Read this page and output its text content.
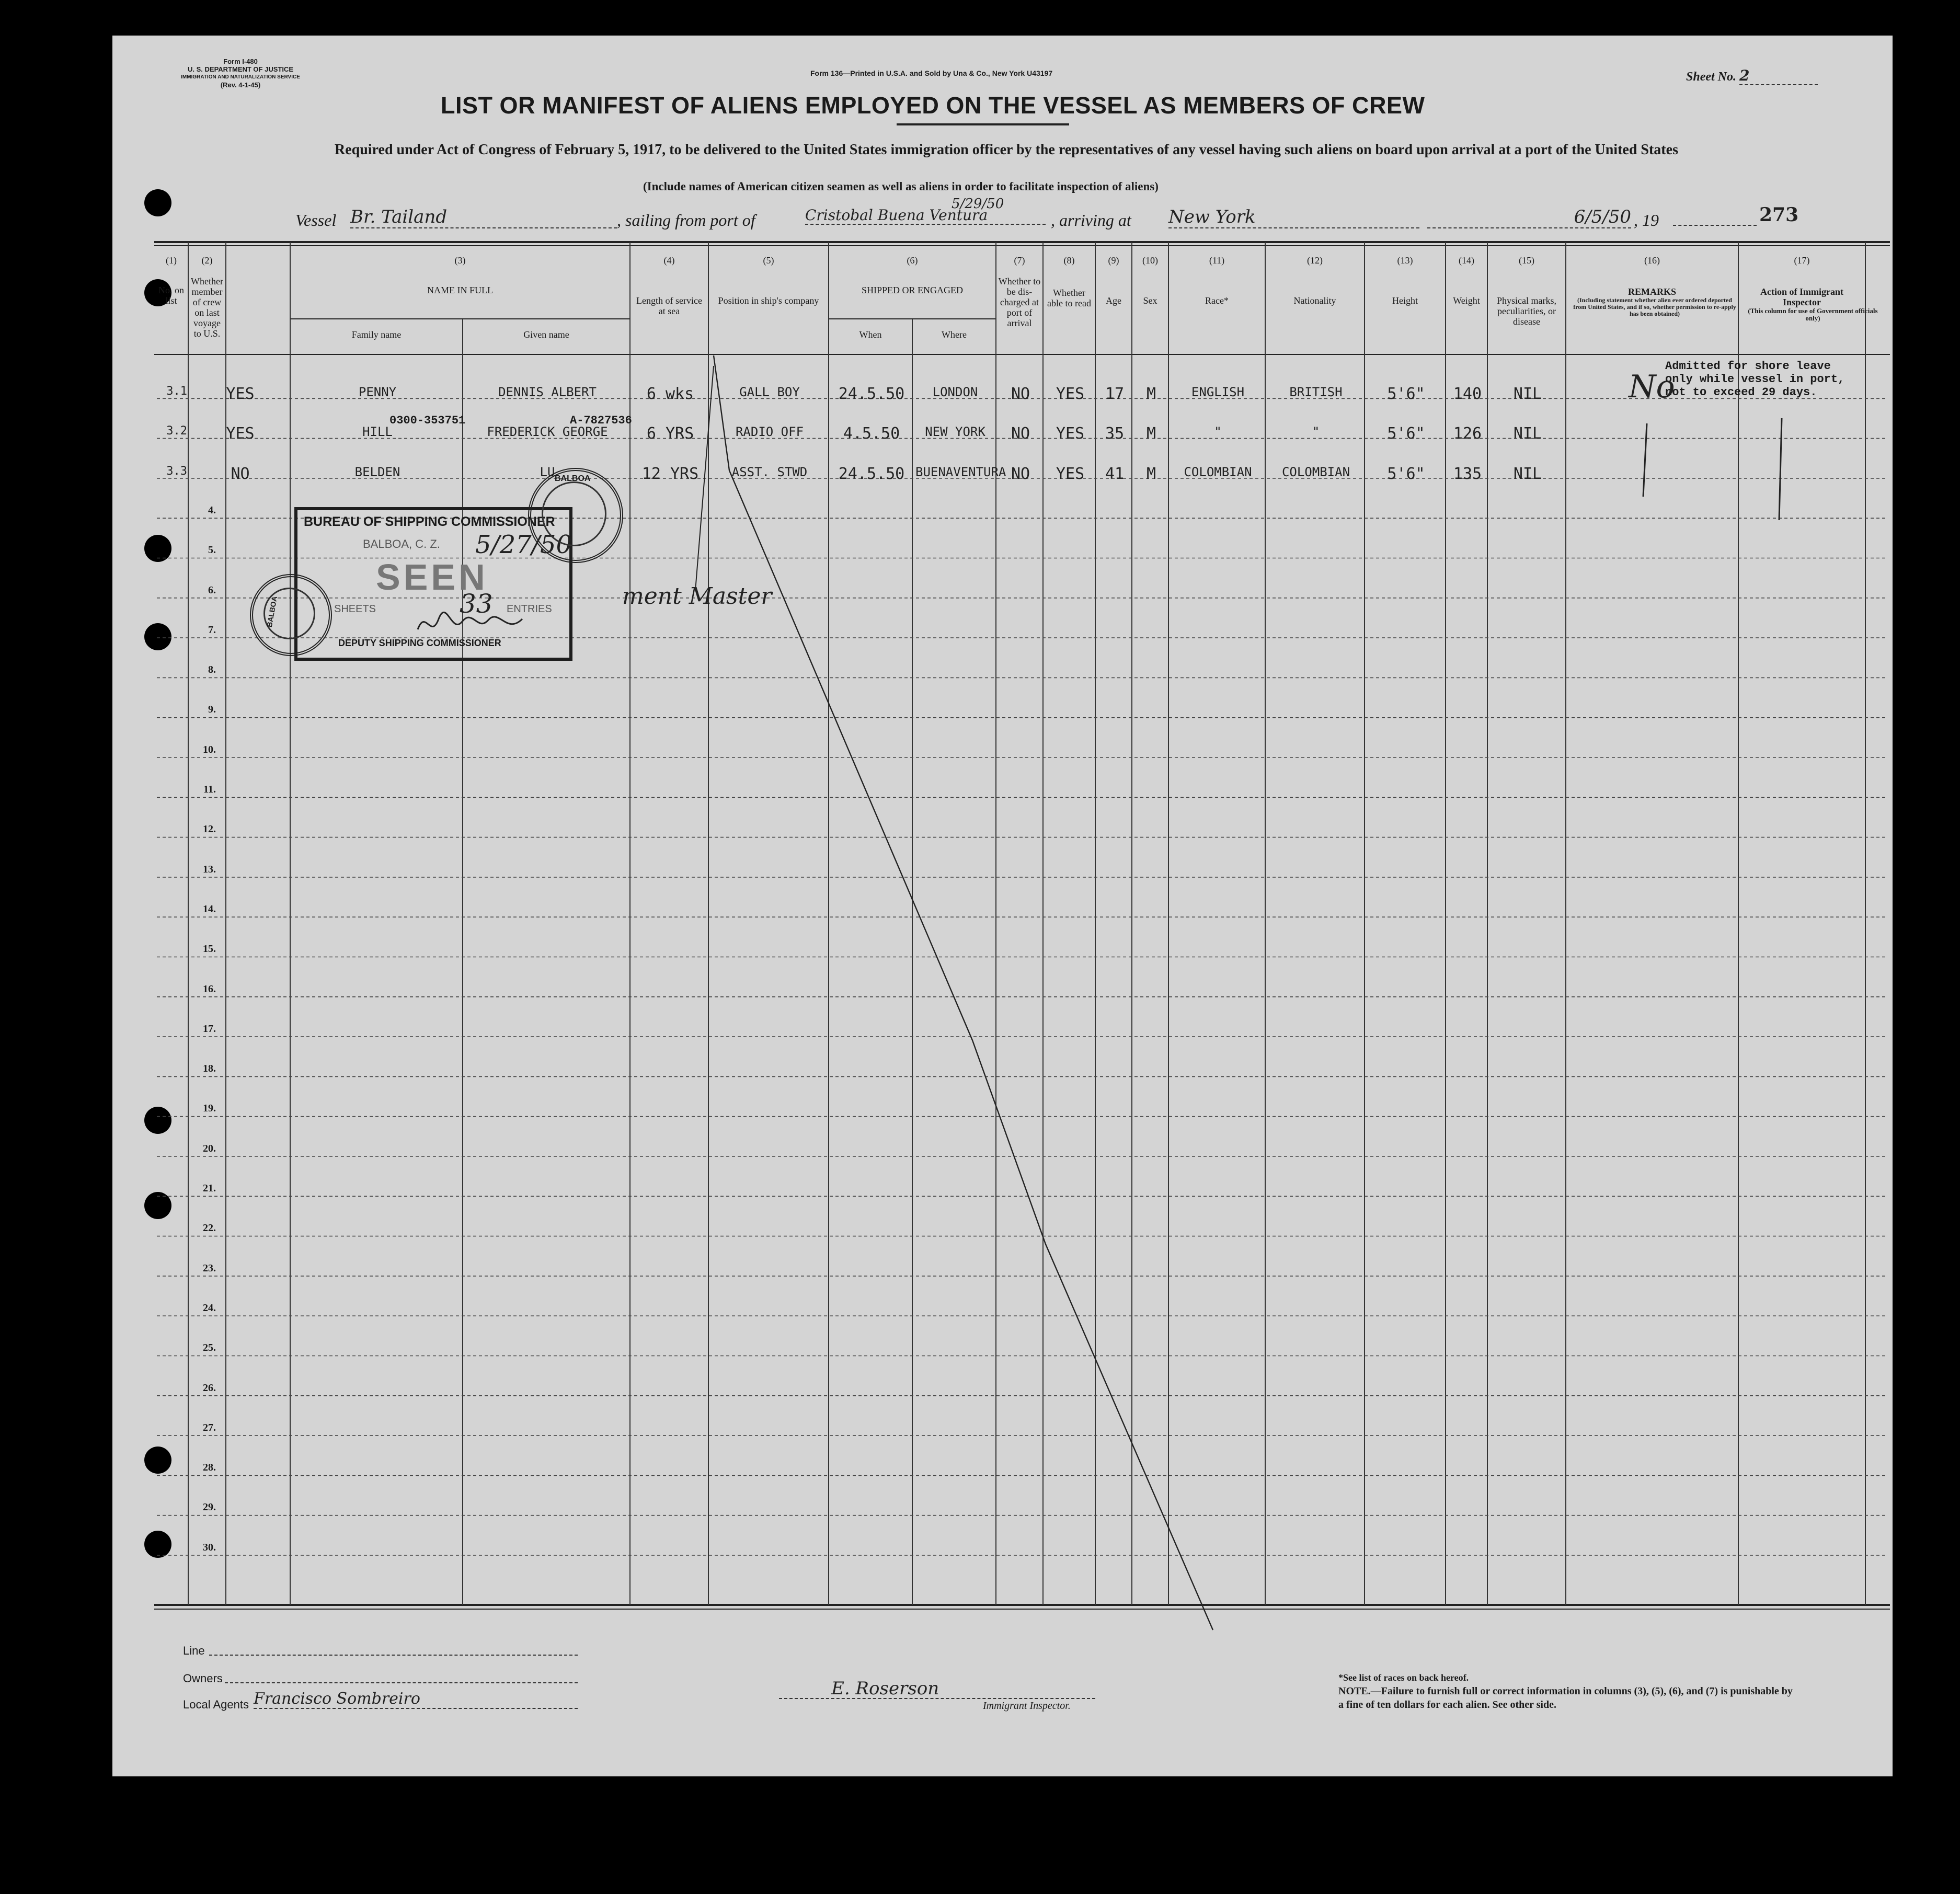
Form I-480
U. S. DEPARTMENT OF JUSTICE
IMMIGRATION AND NATURALIZATION SERVICE
(Rev. 4-1-45)
Form 136—Printed in U.S.A. and Sold by Una & Co., New York U43197	Sheet No. 2
LIST OR MANIFEST OF ALIENS EMPLOYED ON THE VESSEL AS MEMBERS OF CREW
Required under Act of Congress of February 5, 1917, to be delivered to the United States immigration officer by the representatives of any vessel having such aliens on board upon arrival at a port of the United States
(Include names of American citizen seamen as well as aliens in order to facilitate inspection of aliens)
Vessel Br. Tailand	, sailing from port of	Cristobal Buena Ventura
5/29/50
, arriving at New York	6/5/50 , 19	273
(1)
No. on list
(2)
Whether member of crew on last voyage to U.S.
(3)
NAME IN FULL
(4)
Length of service at sea
(5)
Position in ship's company
(6)
SHIPPED OR ENGAGED
(7)
Whether to be dis-charged at port of arrival
(8)
Whether able to read
(9)
Age
(10)
Sex
(11)
Race*
(12)
Nationality
(13)
Height
(14)
Weight
(15)
Physical marks, peculiarities, or disease
(16)
REMARKS
(17)
Action of Immigrant Inspector
Family name	Given name	When	Where
(Including statement whether alien ever ordered deported from United States, and if so, whether permission to re-apply has been obtained)	(This column for use of Government officials only)
3.1	YES	PENNY	DENNIS ALBERT	6 wks	GALL BOY	24.5.50	LONDON	NO	YES	17	M	ENGLISH	BRITISH	5'6"	140	NIL
3.2	YES	HILL	FREDERICK GEORGE	6 YRS	RADIO OFF	4.5.50	NEW YORK	NO	YES	35	M	"	"	5'6"	126	NIL
3.3	NO	BELDEN	LU	12 YRS	ASST. STWD	24.5.50 BUENAVENTURA NO	YES	41	M	COLOMBIAN	COLOMBIAN	5'6"	135	NIL
4.
5.
6.
7.
8.
9.
10.
11.
12.
13.
14.
15.
16.
17.
18.
19.
20.
21.
22.
23.
24.
25.
26.
27.
28.
29.
30.
0300-353751	A-7827536
Admitted for shore leave only while vessel in port, not to exceed 29 days.
No
BUREAU OF SHIPPING COMMISSIONER
BALBOA, C. Z. 5/27/50
SEEN
SHEETS	33 ENTRIES
DEPUTY SHIPPING COMMISSIONER
ment Master
BALBOA
BALBOA
Line
Owners
Local Agents Francisco Sombreiro	E. Roserson
Immigrant Inspector.
*See list of races on back hereof.
NOTE.—Failure to furnish full or correct information in columns (3), (5), (6), and (7) is punishable by a fine of ten dollars for each alien. See other side.
